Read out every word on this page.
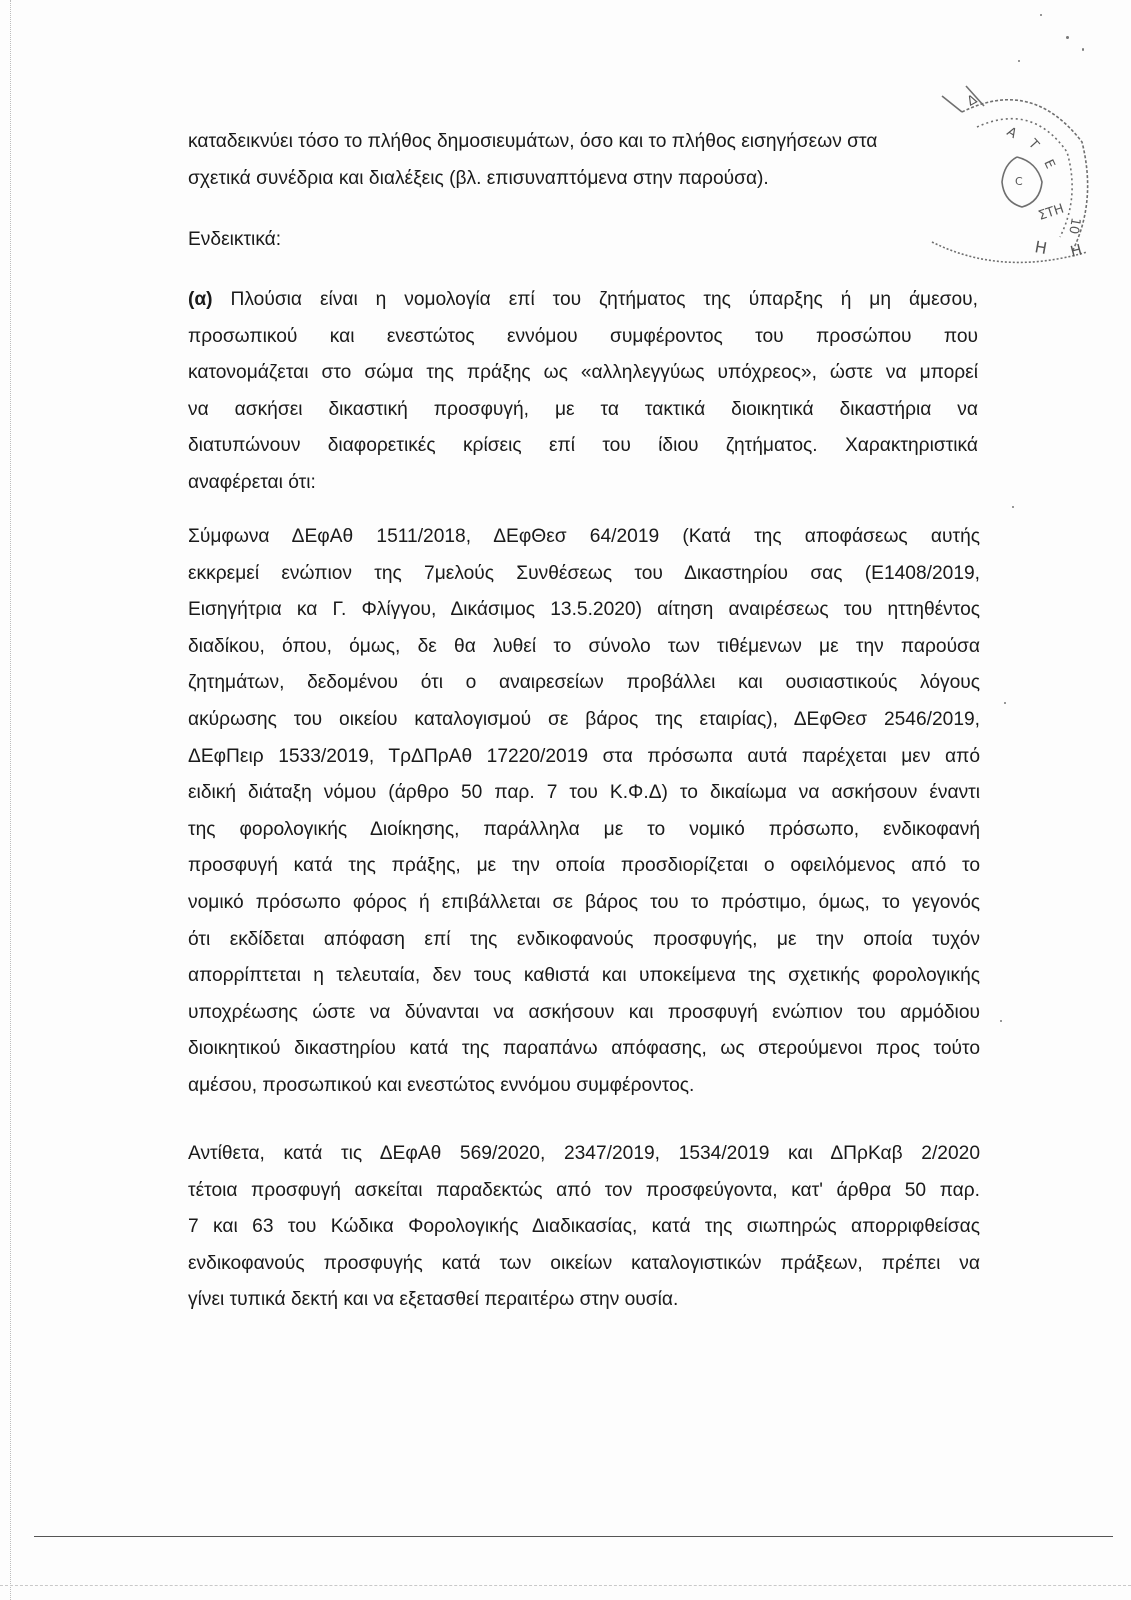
Δ
Α
Τ
Ε
ΣΤΗ
10
Η Η
C
καταδεικνύει τόσο το πλήθος δημοσιευμάτων, όσο και το πλήθος εισηγήσεων στα
σχετικά συνέδρια και διαλέξεις (βλ. επισυναπτόμενα στην παρούσα).
Ενδεικτικά:
(α) Πλούσια είναι η νομολογία επί του ζητήματος της ύπαρξης ή μη άμεσου,
προσωπικού και ενεστώτος εννόμου συμφέροντος του προσώπου που
κατονομάζεται στο σώμα της πράξης ως «αλληλεγγύως υπόχρεος», ώστε να μπορεί
να ασκήσει δικαστική προσφυγή, με τα τακτικά διοικητικά δικαστήρια να
διατυπώνουν διαφορετικές κρίσεις επί του ίδιου ζητήματος. Χαρακτηριστικά
αναφέρεται ότι:
Σύμφωνα ΔΕφΑθ 1511/2018, ΔΕφΘεσ 64/2019 (Κατά της αποφάσεως αυτής
εκκρεμεί ενώπιον της 7μελούς Συνθέσεως του Δικαστηρίου σας (Ε1408/2019,
Εισηγήτρια κα Γ. Φλίγγου, Δικάσιμος 13.5.2020) αίτηση αναιρέσεως του ηττηθέντος
διαδίκου, όπου, όμως, δε θα λυθεί το σύνολο των τιθέμενων με την παρούσα
ζητημάτων, δεδομένου ότι ο αναιρεσείων προβάλλει και ουσιαστικούς λόγους
ακύρωσης του οικείου καταλογισμού σε βάρος της εταιρίας), ΔΕφΘεσ 2546/2019,
ΔΕφΠειρ 1533/2019, ΤρΔΠρΑθ 17220/2019 στα πρόσωπα αυτά παρέχεται μεν από
ειδική διάταξη νόμου (άρθρο 50 παρ. 7 του Κ.Φ.Δ) το δικαίωμα να ασκήσουν έναντι
της φορολογικής Διοίκησης, παράλληλα με το νομικό πρόσωπο, ενδικοφανή
προσφυγή κατά της πράξης, με την οποία προσδιορίζεται ο οφειλόμενος από το
νομικό πρόσωπο φόρος ή επιβάλλεται σε βάρος του το πρόστιμο, όμως, το γεγονός
ότι εκδίδεται απόφαση επί της ενδικοφανούς προσφυγής, με την οποία τυχόν
απορρίπτεται η τελευταία, δεν τους καθιστά και υποκείμενα της σχετικής φορολογικής
υποχρέωσης ώστε να δύνανται να ασκήσουν και προσφυγή ενώπιον του αρμόδιου
διοικητικού δικαστηρίου κατά της παραπάνω απόφασης, ως στερούμενοι προς τούτο
αμέσου, προσωπικού και ενεστώτος εννόμου συμφέροντος.
Αντίθετα, κατά τις ΔΕφΑθ 569/2020, 2347/2019, 1534/2019 και ΔΠρΚαβ 2/2020
τέτοια προσφυγή ασκείται παραδεκτώς από τον προσφεύγοντα, κατ' άρθρα 50 παρ.
7 και 63 του Κώδικα Φορολογικής Διαδικασίας, κατά της σιωπηρώς απορριφθείσας
ενδικοφανούς προσφυγής κατά των οικείων καταλογιστικών πράξεων, πρέπει να
γίνει τυπικά δεκτή και να εξετασθεί περαιτέρω στην ουσία.
